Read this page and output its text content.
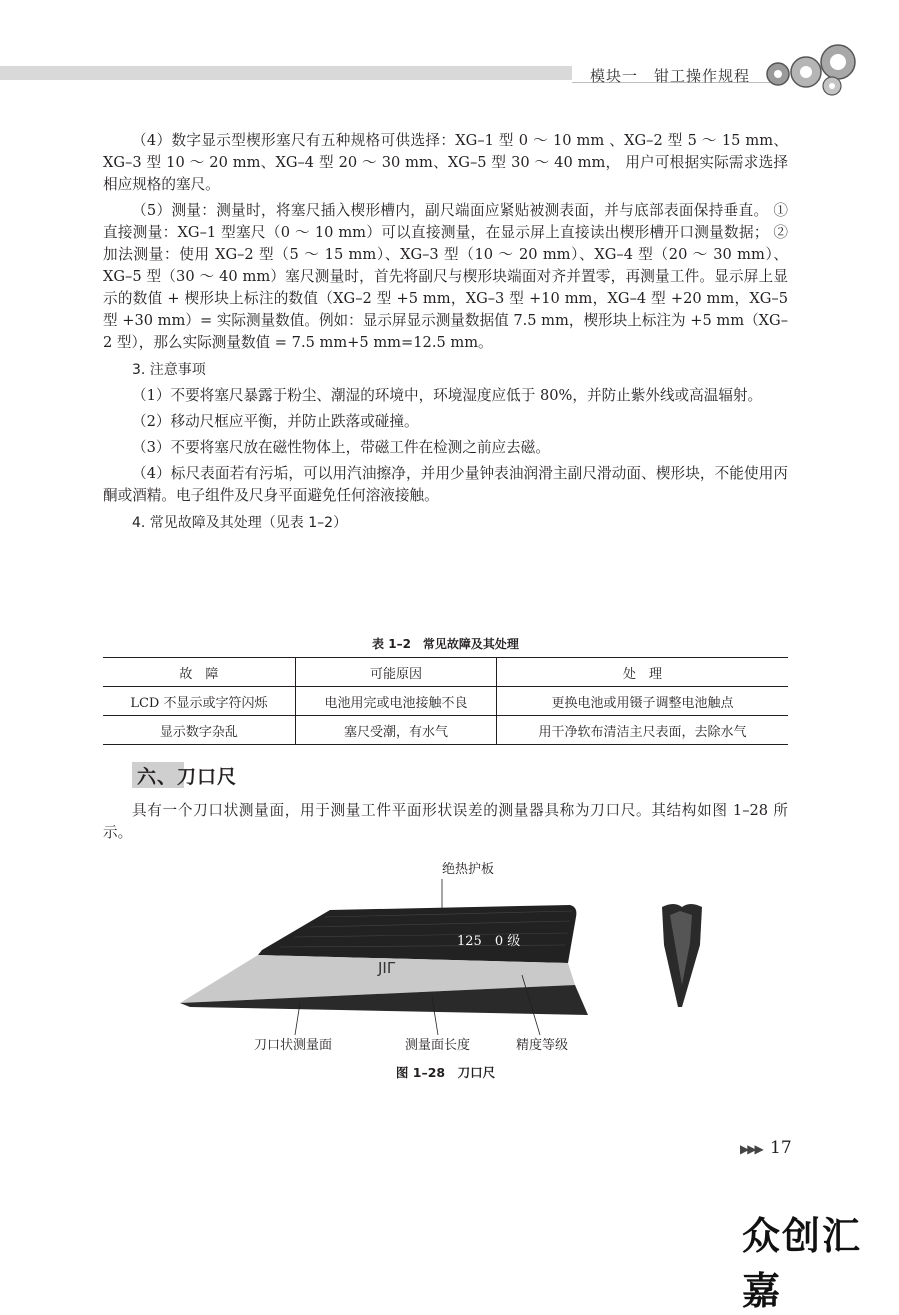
模块一　钳工操作规程

（4）数字显示型楔形塞尺有五种规格可供选择：XG–1 型 0 ～ 10 mm 、XG–2 型 5 ～ 15 mm、XG–3 型 10 ～ 20 mm、XG–4 型 20 ～ 30 mm、XG–5 型 30 ～ 40 mm， 用户可根据实际需求选择相应规格的塞尺。

（5）测量：测量时，将塞尺插入楔形槽内，副尺端面应紧贴被测表面，并与底部表面保持垂直。 ①直接测量：XG–1 型塞尺（0 ～ 10 mm）可以直接测量，在显示屏上直接读出楔形槽开口测量数据； ②加法测量：使用 XG–2 型（5 ～ 15 mm）、XG–3 型（10 ～ 20 mm）、XG–4 型（20 ～ 30 mm）、XG–5 型（30 ～ 40 mm）塞尺测量时，首先将副尺与楔形块端面对齐并置零，再测量工件。显示屏上显示的数值 + 楔形块上标注的数值（XG–2 型 +5 mm，XG–3 型 +10 mm，XG–4 型 +20 mm，XG–5 型 +30 mm）= 实际测量数值。例如：显示屏显示测量数据值 7.5 mm，楔形块上标注为 +5 mm（XG–2 型），那么实际测量数值 = 7.5 mm+5 mm=12.5 mm。

3. 注意事项

（1）不要将塞尺暴露于粉尘、潮湿的环境中，环境湿度应低于 80%，并防止紫外线或高温辐射。

（2）移动尺框应平衡，并防止跌落或碰撞。

（3）不要将塞尺放在磁性物体上，带磁工件在检测之前应去磁。

（4）标尺表面若有污垢，可以用汽油擦净，并用少量钟表油润滑主副尺滑动面、楔形块，不能使用丙酮或酒精。电子组件及尺身平面避免任何溶液接触。

4. 常见故障及其处理（见表 1–2）
表 1–2　常见故障及其处理
故　障	可能原因	处　理
LCD 不显示或字符闪烁	电池用完或电池接触不良	更换电池或用镊子调整电池触点
显示数字杂乱	塞尺受潮，有水气	用干净软布清洁主尺表面，去除水气
六、刀口尺

具有一个刀口状测量面，用于测量工件平面形状误差的测量器具称为刀口尺。其结构如图 1–28 所示。

125　0 级
JIΓ
绝热护板
刀口状测量面	测量面长度	精度等级
图 1–28　刀口尺
▶▶▶ 17
众创汇嘉
